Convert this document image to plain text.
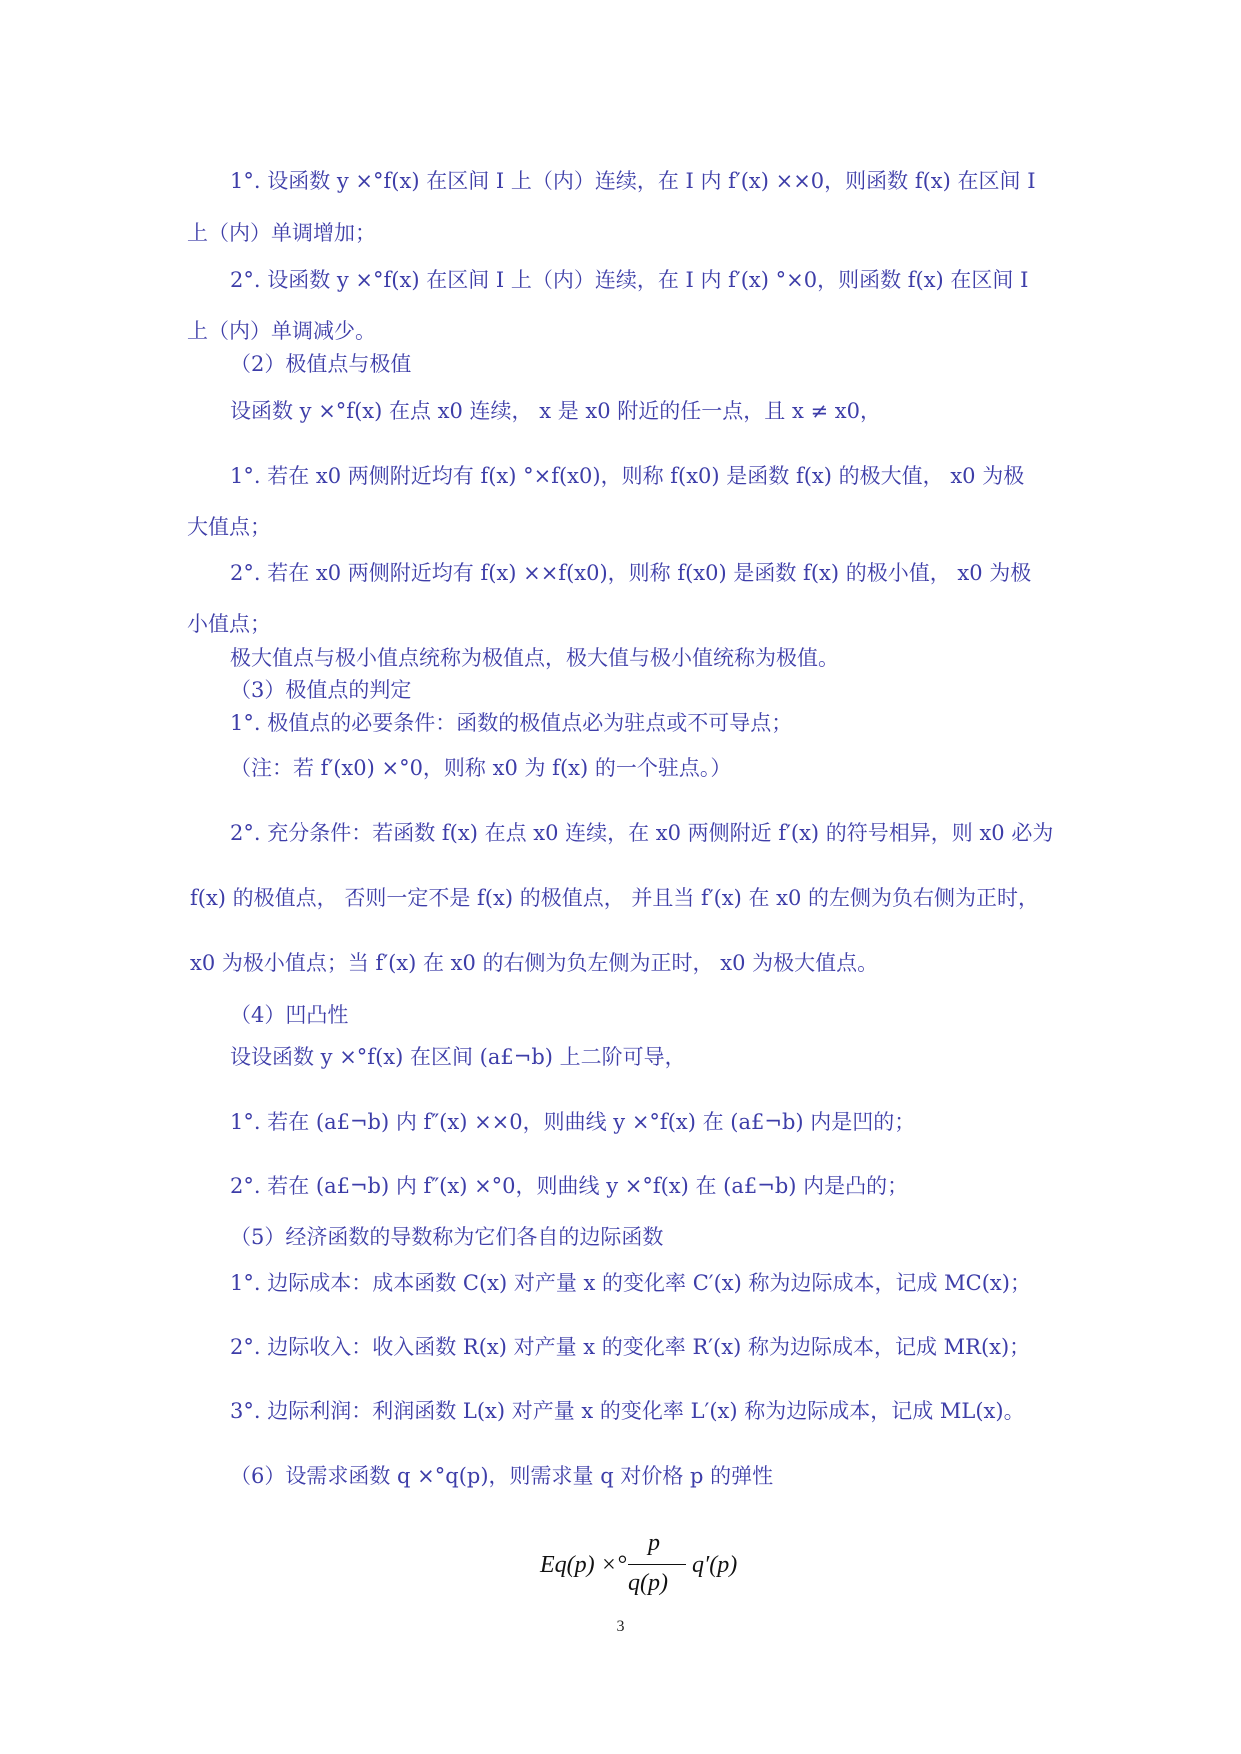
1°. 设函数 y ×°f(x) 在区间 I 上（内）连续，在 I 内 f′(x) ××0，则函数 f(x) 在区间 I
上（内）单调增加；
2°. 设函数 y ×°f(x) 在区间 I 上（内）连续，在 I 内 f′(x) °×0，则函数 f(x) 在区间 I
上（内）单调减少。
（2）极值点与极值
设函数 y ×°f(x) 在点 x0 连续， x 是 x0 附近的任一点，且 x ≠ x0，
1°. 若在 x0 两侧附近均有 f(x) °×f(x0)，则称 f(x0) 是函数 f(x) 的极大值， x0 为极
大值点；
2°. 若在 x0 两侧附近均有 f(x) ××f(x0)，则称 f(x0) 是函数 f(x) 的极小值， x0 为极
小值点；
极大值点与极小值点统称为极值点，极大值与极小值统称为极值。
（3）极值点的判定
1°. 极值点的必要条件：函数的极值点必为驻点或不可导点；
（注：若 f′(x0) ×°0，则称 x0 为 f(x) 的一个驻点。）
2°. 充分条件：若函数 f(x) 在点 x0 连续，在 x0 两侧附近 f′(x) 的符号相异，则 x0 必为
f(x) 的极值点， 否则一定不是 f(x) 的极值点， 并且当 f′(x) 在 x0 的左侧为负右侧为正时，
x0 为极小值点；当 f′(x) 在 x0 的右侧为负左侧为正时， x0 为极大值点。
（4）凹凸性
设设函数 y ×°f(x) 在区间 (a£¬b) 上二阶可导，
1°. 若在 (a£¬b) 内 f″(x) ××0，则曲线 y ×°f(x) 在 (a£¬b) 内是凹的；
2°. 若在 (a£¬b) 内 f″(x) ×°0，则曲线 y ×°f(x) 在 (a£¬b) 内是凸的；
（5）经济函数的导数称为它们各自的边际函数
1°. 边际成本：成本函数 C(x) 对产量 x 的变化率 C′(x) 称为边际成本，记成 MC(x)；
2°. 边际收入：收入函数 R(x) 对产量 x 的变化率 R′(x) 称为边际成本，记成 MR(x)；
3°. 边际利润：利润函数 L(x) 对产量 x 的变化率 L′(x) 称为边际成本，记成 ML(x)。
（6）设需求函数 q ×°q(p)，则需求量 q 对价格 p 的弹性
Eq(p) ×°
p
q(p)
q′(p)
3
